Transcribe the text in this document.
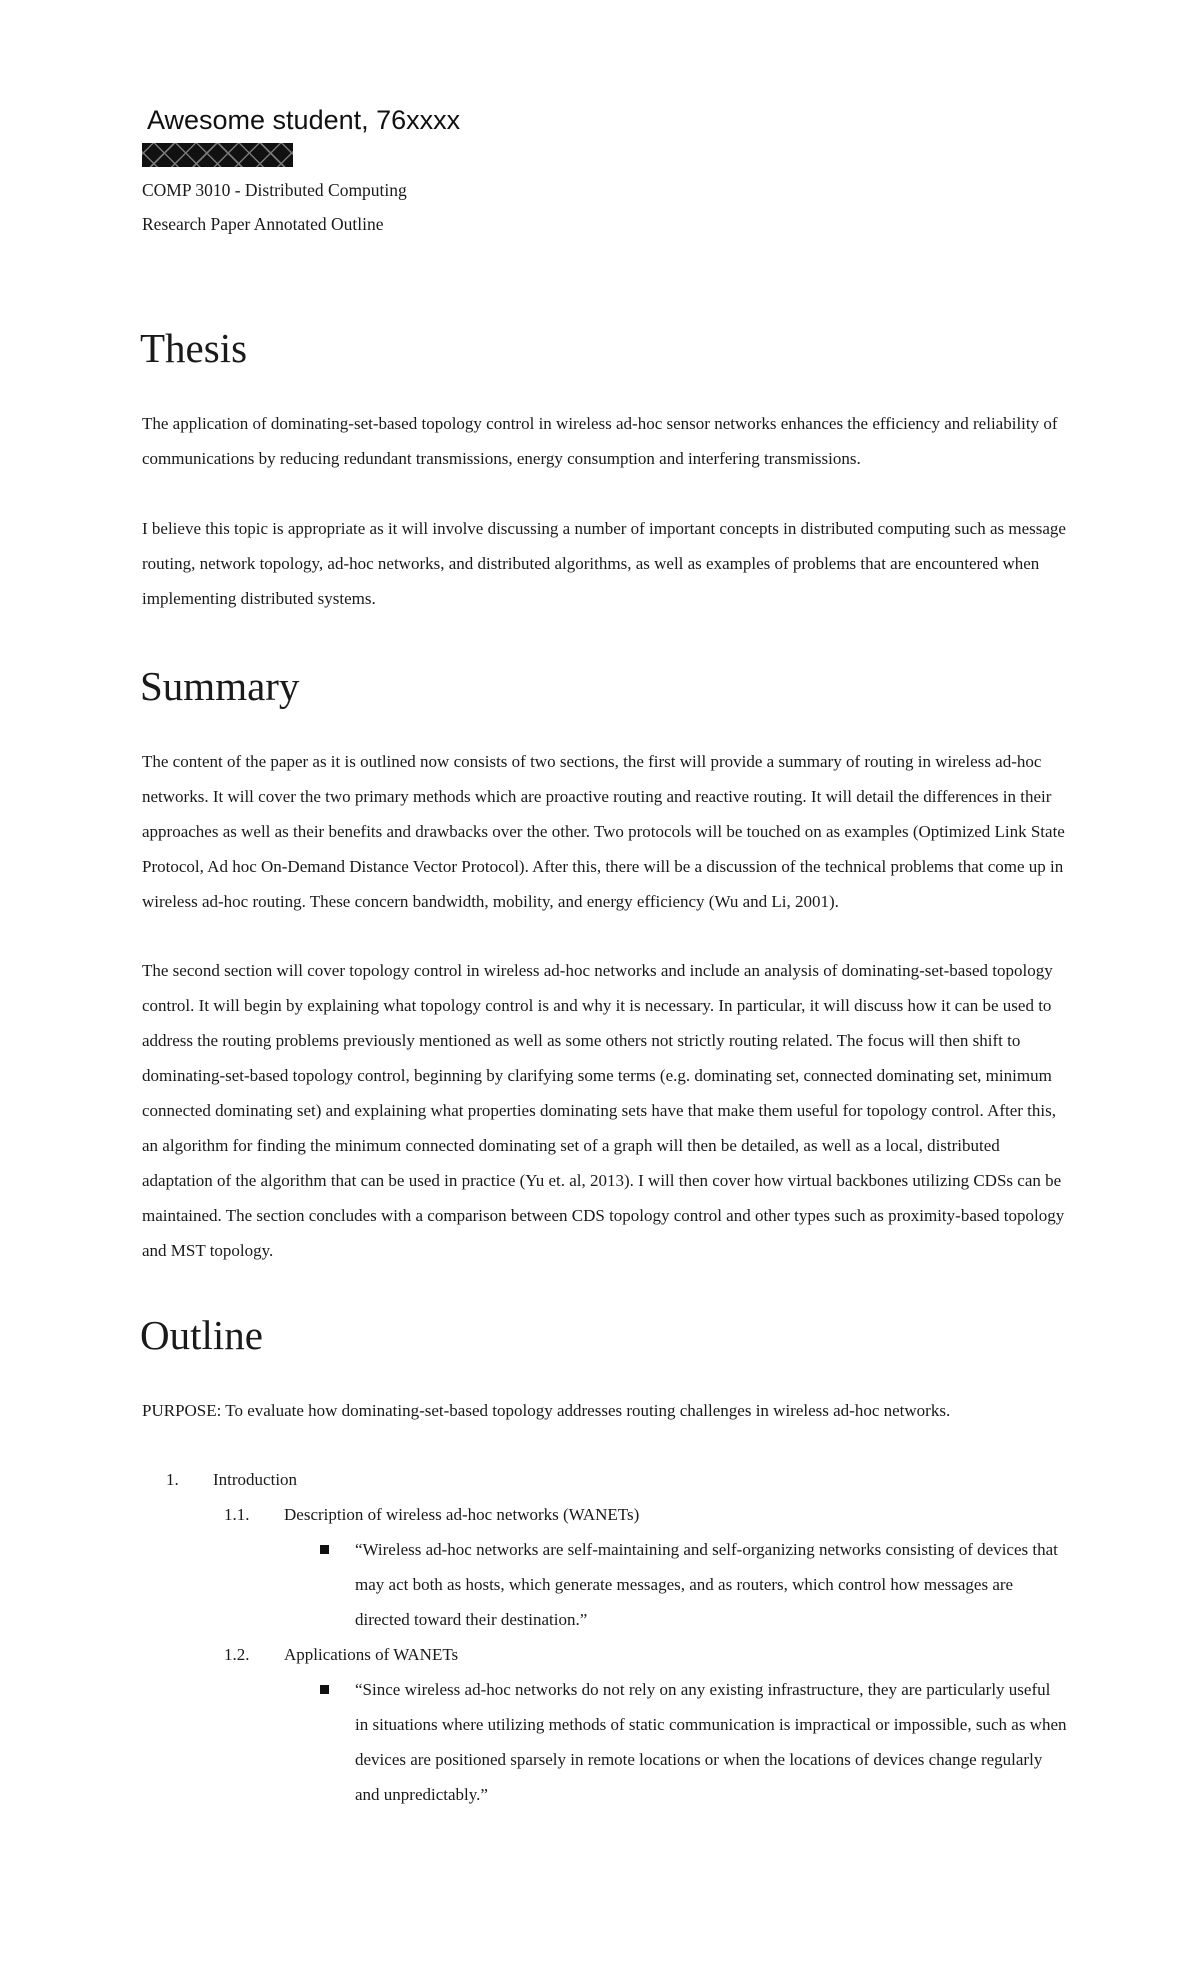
Awesome student, 76xxxx
COMP 3010 - Distributed Computing
Research Paper Annotated Outline
Thesis

The application of dominating-set-based topology control in wireless ad-hoc sensor networks enhances the efficiency and reliability of communications by reducing redundant transmissions, energy consumption and interfering transmissions.

I believe this topic is appropriate as it will involve discussing a number of important concepts in distributed computing such as message routing, network topology, ad-hoc networks, and distributed algorithms, as well as examples of problems that are encountered when implementing distributed systems.

Summary

The content of the paper as it is outlined now consists of two sections, the first will provide a summary of routing in wireless ad-hoc networks. It will cover the two primary methods which are proactive routing and reactive routing. It will detail the differences in their approaches as well as their benefits and drawbacks over the other. Two protocols will be touched on as examples (Optimized Link State Protocol, Ad hoc On-Demand Distance Vector Protocol). After this, there will be a discussion of the technical problems that come up in wireless ad-hoc routing. These concern bandwidth, mobility, and energy efficiency (Wu and Li, 2001).

The second section will cover topology control in wireless ad-hoc networks and include an analysis of dominating-set-based topology control. It will begin by explaining what topology control is and why it is necessary. In particular, it will discuss how it can be used to address the routing problems previously mentioned as well as some others not strictly routing related. The focus will then shift to dominating-set-based topology control, beginning by clarifying some terms (e.g. dominating set, connected dominating set, minimum connected dominating set) and explaining what properties dominating sets have that make them useful for topology control. After this, an algorithm for finding the minimum connected dominating set of a graph will then be detailed, as well as a local, distributed adaptation of the algorithm that can be used in practice (Yu et. al, 2013). I will then cover how virtual backbones utilizing CDSs can be maintained. The section concludes with a comparison between CDS topology control and other types such as proximity-based topology and MST topology.

Outline

PURPOSE: To evaluate how dominating-set-based topology addresses routing challenges in wireless ad-hoc networks.

1. Introduction
1.1. Description of wireless ad-hoc networks (WANETs)

“Wireless ad-hoc networks are self-maintaining and self-organizing networks consisting of devices that may act both as hosts, which generate messages, and as routers, which control how messages are directed toward their destination.”

1.2. Applications of WANETs

“Since wireless ad-hoc networks do not rely on any existing infrastructure, they are particularly useful in situations where utilizing methods of static communication is impractical or impossible, such as when devices are positioned sparsely in remote locations or when the locations of devices change regularly and unpredictably.”
